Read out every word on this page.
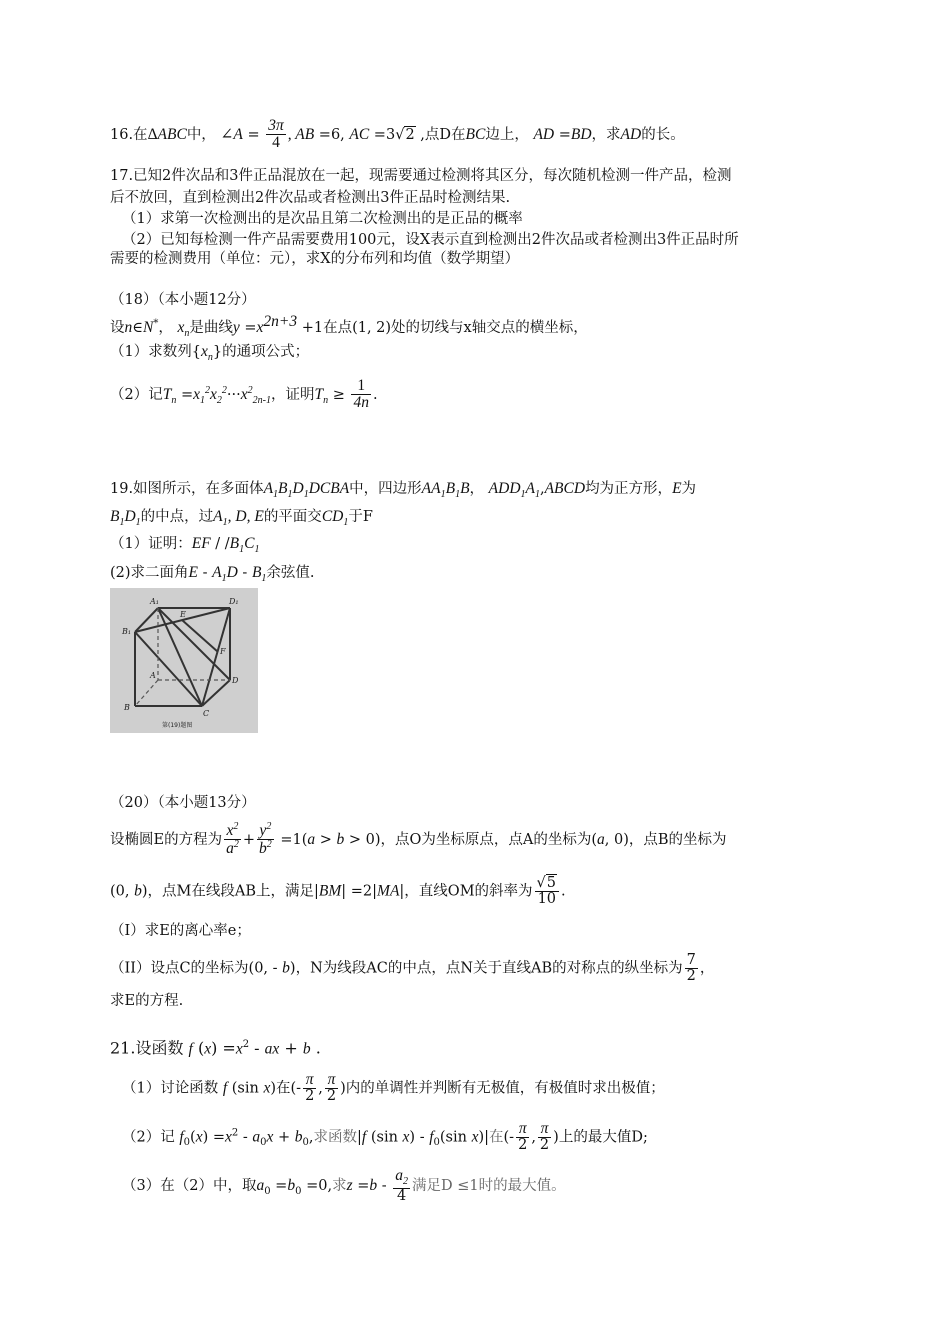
16.在ΔABC中， ∠A = $\frac{3\pi}{4}$ , AB =6, AC =3√2 ,点D在BC边上， AD =BD，求AD的长。
17.已知2件次品和3件正品混放在一起，现需要通过检测将其区分，每次随机检测一件产品，检测
后不放回，直到检测出2件次品或者检测出3件正品时检测结果.
（1）求第一次检测出的是次品且第二次检测出的是正品的概率
（2）已知每检测一件产品需要费用100元，设X表示直到检测出2件次品或者检测出3件正品时所
需要的检测费用（单位：元），求X的分布列和均值（数学期望）
（18）（本小题12分）
设n∈N*， $x_n$是曲线$y =x^{2n+3} +1$在点(1, 2)处的切线与x轴交点的横坐标，
（1）求数列$\{x_n\}$的通项公式；
（2）记$T_n =x_1^2x_2^2\cdot\cdot\cdot x^2_{2n-1}$，证明$T_n \ge \frac{1}{4n}$ .
19.如图所示，在多面体$A_1B_1D_1DCBA$中，四边形$AA_1B_1B$， $ADD_1A_1,ABCD$均为正方形，E为
$B_1D_1$的中点，过$A_1$, D, E的平面交$CD_1$于F
（1）证明：EF / $/B_1C_1$
(2)求二面角E - $A_1D - B_1$余弦值.
A₁
E
D₁
B₁
F
A
D
B
C
第(19)题图
（20）（本小题13分）
设椭圆E的方程为 $\frac{x^2}{a^2} + \frac{y^2}{b^2} =1(a > b > 0)$，点O为坐标原点，点A的坐标为(a, 0)，点B的坐标为
(0, b)，点M在线段AB上，满足|BM| =2|MA|，直线OM的斜率为 $\frac{√5}{10}$ .
（I）求E的离心率e；
（II）设点C的坐标为(0, - b)，N为线段AC的中点，点N关于直线AB的对称点的纵坐标为 $\frac{7}{2}$ ，
求E的方程.
21.设函数 f $(x) =x^2$ - ax + b .
（1）讨论函数 f (sin x)在(- $\frac{\pi}{2}$ , $\frac{\pi}{2}$ )内的单调性并判断有无极值，有极值时求出极值；
（2）记 $f_0(x) =x^2 - a_0x + b_0$,求函数|f (sin $x) - f_0(\sin$ x)|在(- $\frac{\pi}{2}$ , $\frac{\pi}{2}$ )上的最大值D;
（3）在（2）中，取$a_0 =b_0 =0$,求$z =b - \frac{a_2}{4}$ 满足D ≤1时的最大值。
